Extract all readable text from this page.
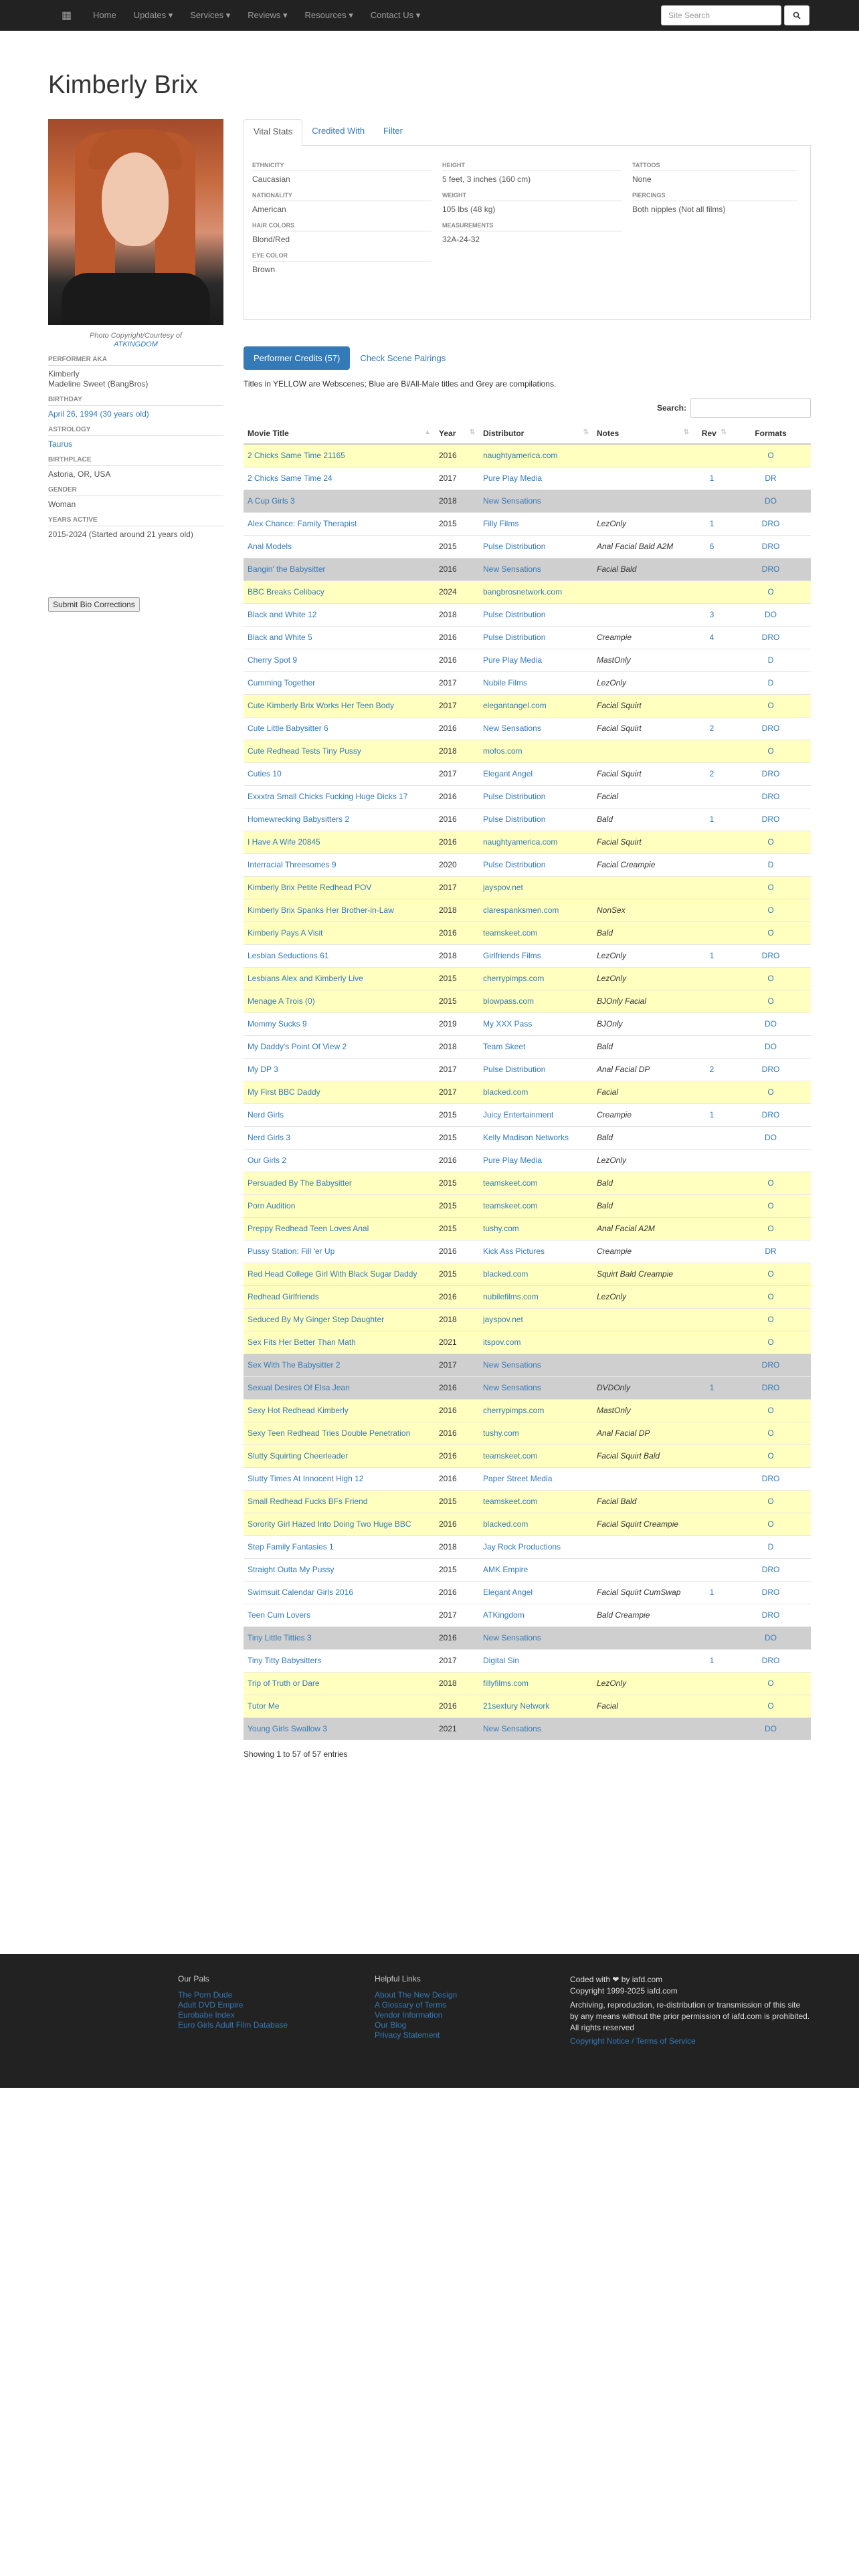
▦	Home Updates ▾ Services ▾ Reviews ▾ Resources ▾ Contact Us ▾	Site Search
Kimberly Brix
Photo Copyright/Courtesy of
ATKINGDOM
PERFORMER AKA
Kimberly
Madeline Sweet (BangBros)
BIRTHDAY
April 26, 1994 (30 years old)
ASTROLOGY
Taurus
BIRTHPLACE
Astoria, OR, USA
GENDER
Woman
YEARS ACTIVE
2015-2024 (Started around 21 years old)
Submit Bio Corrections
Vital Stats	Credited With	Filter
ETHNICITY
Caucasian
NATIONALITY
American
HAIR COLORS
Blond/Red
EYE COLOR
Brown
HEIGHT
5 feet, 3 inches (160 cm)
WEIGHT
105 lbs (48 kg)
MEASUREMENTS
32A-24-32
TATTOOS
None
PIERCINGS
Both nipples (Not all films)
Performer Credits (57)	Check Scene Pairings
Titles in YELLOW are Webscenes; Blue are Bi/All-Male titles and Grey are compilations.
Search:
Movie Title ▲	Year ⇅	Distributor ⇅	Notes ⇅	Rev ⇅	Formats

2 Chicks Same Time 21165	2016	naughtyamerica.com			O
2 Chicks Same Time 24	2017	Pure Play Media		1	DR
A Cup Girls 3	2018	New Sensations			DO
Alex Chance: Family Therapist	2015	Filly Films	LezOnly	1	DRO
Anal Models	2015	Pulse Distribution	Anal Facial Bald A2M	6	DRO
Bangin' the Babysitter	2016	New Sensations	Facial Bald		DRO
BBC Breaks Celibacy	2024	bangbrosnetwork.com			O
Black and White 12	2018	Pulse Distribution		3	DO
Black and White 5	2016	Pulse Distribution	Creampie	4	DRO
Cherry Spot 9	2016	Pure Play Media	MastOnly		D
Cumming Together	2017	Nubile Films	LezOnly		D
Cute Kimberly Brix Works Her Teen Body	2017	elegantangel.com	Facial Squirt		O
Cute Little Babysitter 6	2016	New Sensations	Facial Squirt	2	DRO
Cute Redhead Tests Tiny Pussy	2018	mofos.com			O
Cuties 10	2017	Elegant Angel	Facial Squirt	2	DRO
Exxxtra Small Chicks Fucking Huge Dicks 17	2016	Pulse Distribution	Facial		DRO
Homewrecking Babysitters 2	2016	Pulse Distribution	Bald	1	DRO
I Have A Wife 20845	2016	naughtyamerica.com	Facial Squirt		O
Interracial Threesomes 9	2020	Pulse Distribution	Facial Creampie		D
Kimberly Brix Petite Redhead POV	2017	jayspov.net			O
Kimberly Brix Spanks Her Brother-in-Law	2018	clarespanksmen.com	NonSex		O
Kimberly Pays A Visit	2016	teamskeet.com	Bald		O
Lesbian Seductions 61	2018	Girlfriends Films	LezOnly	1	DRO
Lesbians Alex and Kimberly Live	2015	cherrypimps.com	LezOnly		O
Menage A Trois (0)	2015	blowpass.com	BJOnly Facial		O
Mommy Sucks 9	2019	My XXX Pass	BJOnly		DO
My Daddy's Point Of View 2	2018	Team Skeet	Bald		DO
My DP 3	2017	Pulse Distribution	Anal Facial DP	2	DRO
My First BBC Daddy	2017	blacked.com	Facial		O
Nerd Girls	2015	Juicy Entertainment	Creampie	1	DRO
Nerd Girls 3	2015	Kelly Madison Networks	Bald		DO
Our Girls 2	2016	Pure Play Media	LezOnly		
Persuaded By The Babysitter	2015	teamskeet.com	Bald		O
Porn Audition	2015	teamskeet.com	Bald		O
Preppy Redhead Teen Loves Anal	2015	tushy.com	Anal Facial A2M		O
Pussy Station: Fill 'er Up	2016	Kick Ass Pictures	Creampie		DR
Red Head College Girl With Black Sugar Daddy	2015	blacked.com	Squirt Bald Creampie		O
Redhead Girlfriends	2016	nubilefilms.com	LezOnly		O
Seduced By My Ginger Step Daughter	2018	jayspov.net			O
Sex Fits Her Better Than Math	2021	itspov.com			O
Sex With The Babysitter 2	2017	New Sensations			DRO
Sexual Desires Of Elsa Jean	2016	New Sensations	DVDOnly	1	DRO
Sexy Hot Redhead Kimberly	2016	cherrypimps.com	MastOnly		O
Sexy Teen Redhead Tries Double Penetration	2016	tushy.com	Anal Facial DP		O
Slutty Squirting Cheerleader	2016	teamskeet.com	Facial Squirt Bald		O
Slutty Times At Innocent High 12	2016	Paper Street Media			DRO
Small Redhead Fucks BFs Friend	2015	teamskeet.com	Facial Bald		O
Sorority Girl Hazed Into Doing Two Huge BBC	2016	blacked.com	Facial Squirt Creampie		O
Step Family Fantasies 1	2018	Jay Rock Productions			D
Straight Outta My Pussy	2015	AMK Empire			DRO
Swimsuit Calendar Girls 2016	2016	Elegant Angel	Facial Squirt CumSwap	1	DRO
Teen Cum Lovers	2017	ATKingdom	Bald Creampie		DRO
Tiny Little Titties 3	2016	New Sensations			DO
Tiny Titty Babysitters	2017	Digital Sin		1	DRO
Trip of Truth or Dare	2018	fillyfilms.com	LezOnly		O
Tutor Me	2016	21sextury Network	Facial		O
Young Girls Swallow 3	2021	New Sensations			DO
Showing 1 to 57 of 57 entries
Our Pals
The Porn Dude
Adult DVD Empire
Eurobabe Index
Euro Girls Adult Film Database
Helpful Links
About The New Design
A Glossary of Terms
Vendor Information
Our Blog
Privacy Statement
Coded with ❤ by iafd.com
Copyright 1999-2025 iafd.com
Archiving, reproduction, re-distribution or transmission of this site by any means without the prior permission of iafd.com is prohibited. All rights reserved
Copyright Notice / Terms of Service
